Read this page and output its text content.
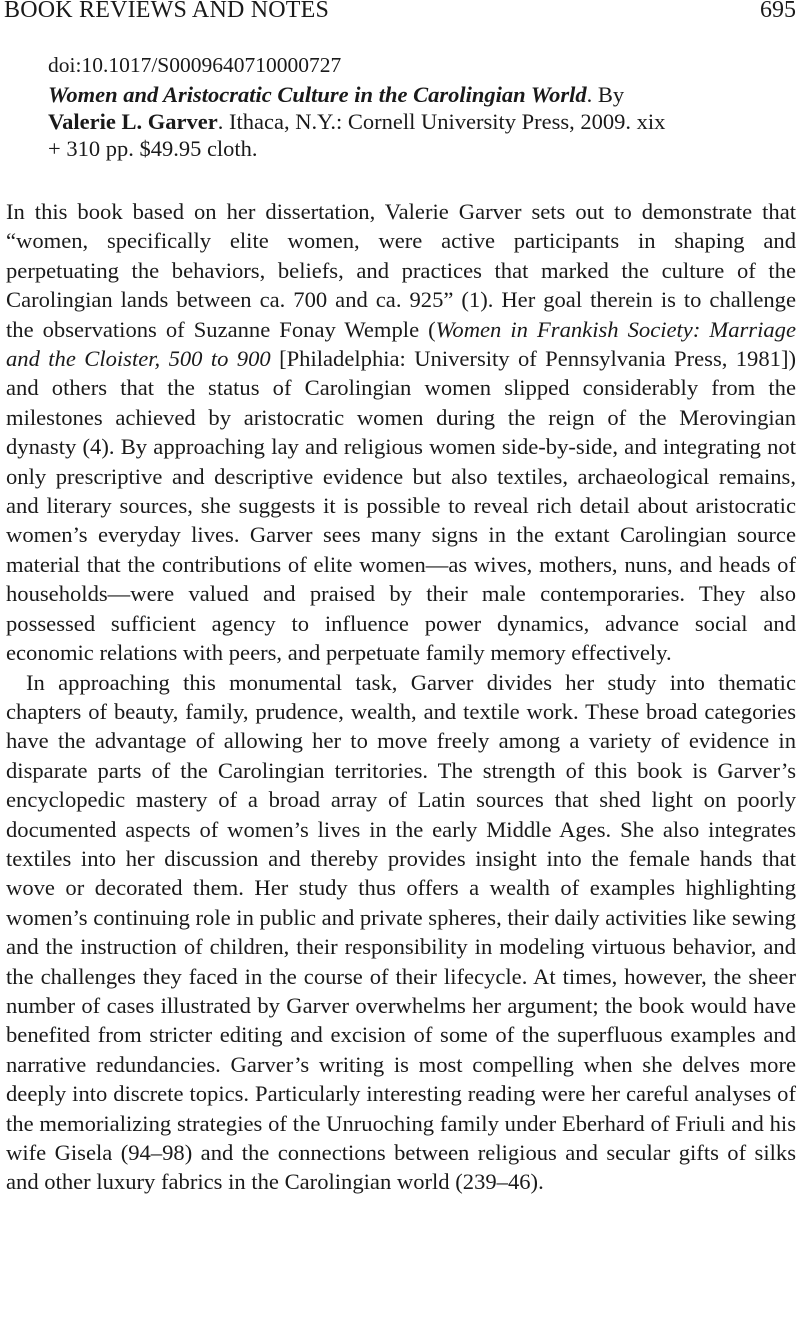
BOOK REVIEWS AND NOTES	695
doi:10.1017/S0009640710000727
Women and Aristocratic Culture in the Carolingian World. By
Valerie L. Garver. Ithaca, N.Y.: Cornell University Press, 2009. xix
+ 310 pp. $49.95 cloth.

In this book based on her dissertation, Valerie Garver sets out to demonstrate that “women, specifically elite women, were active participants in shaping and perpetuating the behaviors, beliefs, and practices that marked the culture of the Carolingian lands between ca. 700 and ca. 925” (1). Her goal therein is to challenge the observations of Suzanne Fonay Wemple (Women in Frankish Society: Marriage and the Cloister, 500 to 900 [Philadelphia: University of Pennsylvania Press, 1981]) and others that the status of Carolingian women slipped considerably from the milestones achieved by aristocratic women during the reign of the Merovingian dynasty (4). By approaching lay and religious women side-by-side, and integrating not only prescriptive and descriptive evidence but also textiles, archaeological remains, and literary sources, she suggests it is possible to reveal rich detail about aristocratic women’s everyday lives. Garver sees many signs in the extant Carolingian source material that the contributions of elite women—as wives, mothers, nuns, and heads of households—were valued and praised by their male contemporaries. They also possessed sufficient agency to influence power dynamics, advance social and economic relations with peers, and perpetuate family memory effectively.

In approaching this monumental task, Garver divides her study into thematic chapters of beauty, family, prudence, wealth, and textile work. These broad categories have the advantage of allowing her to move freely among a variety of evidence in disparate parts of the Carolingian territories. The strength of this book is Garver’s encyclopedic mastery of a broad array of Latin sources that shed light on poorly documented aspects of women’s lives in the early Middle Ages. She also integrates textiles into her discussion and thereby provides insight into the female hands that wove or decorated them. Her study thus offers a wealth of examples highlighting women’s continuing role in public and private spheres, their daily activities like sewing and the instruction of children, their responsibility in modeling virtuous behavior, and the challenges they faced in the course of their lifecycle. At times, however, the sheer number of cases illustrated by Garver overwhelms her argument; the book would have benefited from stricter editing and excision of some of the superfluous examples and narrative redundancies. Garver’s writing is most compelling when she delves more deeply into discrete topics. Particularly interesting reading were her careful analyses of the memorializing strategies of the Unruoching family under Eberhard of Friuli and his wife Gisela (94–98) and the connections between religious and secular gifts of silks and other luxury fabrics in the Carolingian world (239–46).
